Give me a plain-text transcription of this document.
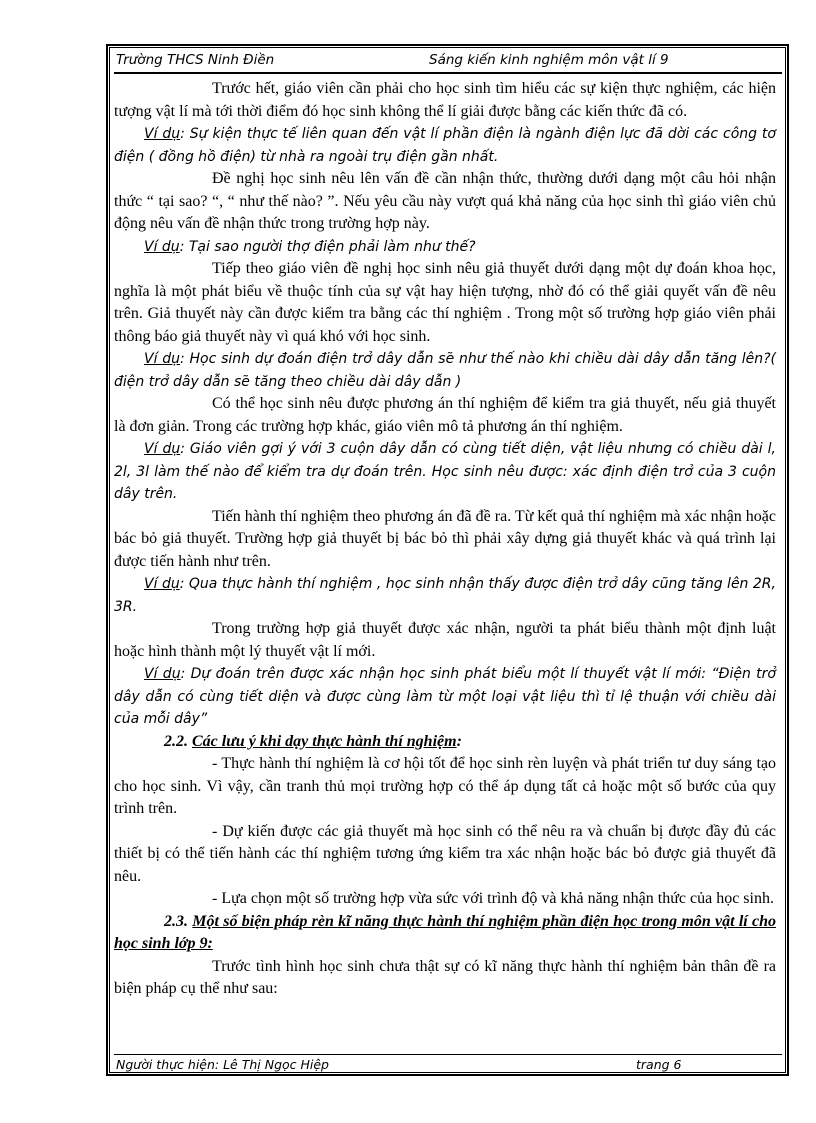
Trường THCS Ninh Điền	Sáng kiến kinh nghiệm môn vật lí 9

Trước hết, giáo viên cần phải cho học sinh tìm hiểu các sự kiện thực nghiệm, các hiện tượng vật lí mà tới thời điểm đó học sinh không thể lí giải được bằng các kiến thức đã có.

Ví dụ: Sự kiện thực tế liên quan đến vật lí phần điện là ngành điện lực đã dời các công tơ điện ( đồng hồ điện) từ nhà ra ngoài trụ điện gần nhất.

Đề nghị học sinh nêu lên vấn đề cần nhận thức, thường dưới dạng một câu hỏi nhận thức “ tại sao? “, “ như thế nào? ”. Nếu yêu cầu này vượt quá khả năng của học sinh thì giáo viên chủ động nêu vấn đề nhận thức trong trường hợp này.

Ví dụ: Tại sao người thợ điện phải làm như thế?

Tiếp theo giáo viên đề nghị học sinh nêu giả thuyết dưới dạng một dự đoán khoa học, nghĩa là một phát biểu về thuộc tính của sự vật hay hiện tượng, nhờ đó có thể giải quyết vấn đề nêu trên. Giả thuyết này cần được kiểm tra bằng các thí nghiệm . Trong một số trường hợp giáo viên phải thông báo giả thuyết này vì quá khó với học sinh.

Ví dụ: Học sinh dự đoán điện trở dây dẫn sẽ như thế nào khi chiều dài dây dẫn tăng lên?( điện trở dây dẫn sẽ tăng theo chiều dài dây dẫn )

Có thể học sinh nêu được phương án thí nghiệm để kiểm tra giả thuyết, nếu giả thuyết là đơn giản. Trong các trường hợp khác, giáo viên mô tả phương án thí nghiệm.

Ví dụ: Giáo viên gợi ý với 3 cuộn dây dẫn có cùng tiết diện, vật liệu nhưng có chiều dài l, 2l, 3l làm thế nào để kiểm tra dự đoán trên. Học sinh nêu được: xác định điện trở của 3 cuộn dây trên.

Tiến hành thí nghiệm theo phương án đã đề ra. Từ kết quả thí nghiệm mà xác nhận hoặc bác bỏ giả thuyết. Trường hợp giả thuyết bị bác bỏ thì phải xây dựng giả thuyết khác và quá trình lại được tiến hành như trên.

Ví dụ: Qua thực hành thí nghiệm , học sinh nhận thấy được điện trở dây cũng tăng lên 2R, 3R.

Trong trường hợp giả thuyết được xác nhận, người ta phát biểu thành một định luật hoặc hình thành một lý thuyết vật lí mới.

Ví dụ: Dự đoán trên được xác nhận học sinh phát biểu một lí thuyết vật lí mới: “Điện trở dây dẫn có cùng tiết diện và được cùng làm từ một loại vật liệu thì tỉ lệ thuận với chiều dài của mỗi dây”

2.2. Các lưu ý khi dạy thực hành thí nghiệm:

- Thực hành thí nghiệm là cơ hội tốt để học sinh rèn luyện và phát triển tư duy sáng tạo cho học sinh. Vì vậy, cần tranh thủ mọi trường hợp có thể áp dụng tất cả hoặc một số bước của quy trình trên.

- Dự kiến được các giả thuyết mà học sinh có thể nêu ra và chuẩn bị được đầy đủ các thiết bị có thể tiến hành các thí nghiệm tương ứng kiểm tra xác nhận hoặc bác bỏ được giả thuyết đã nêu.

- Lựa chọn một số trường hợp vừa sức với trình độ và khả năng nhận thức của học sinh.

2.3. Một số biện pháp rèn kĩ năng thực hành thí nghiệm phần điện học trong môn vật lí cho học sinh lớp 9:

Trước tình hình học sinh chưa thật sự có kĩ năng thực hành thí nghiệm bản thân đề ra biện pháp cụ thể như sau:

Người thực hiện: Lê Thị Ngọc Hiệp	trang 6
